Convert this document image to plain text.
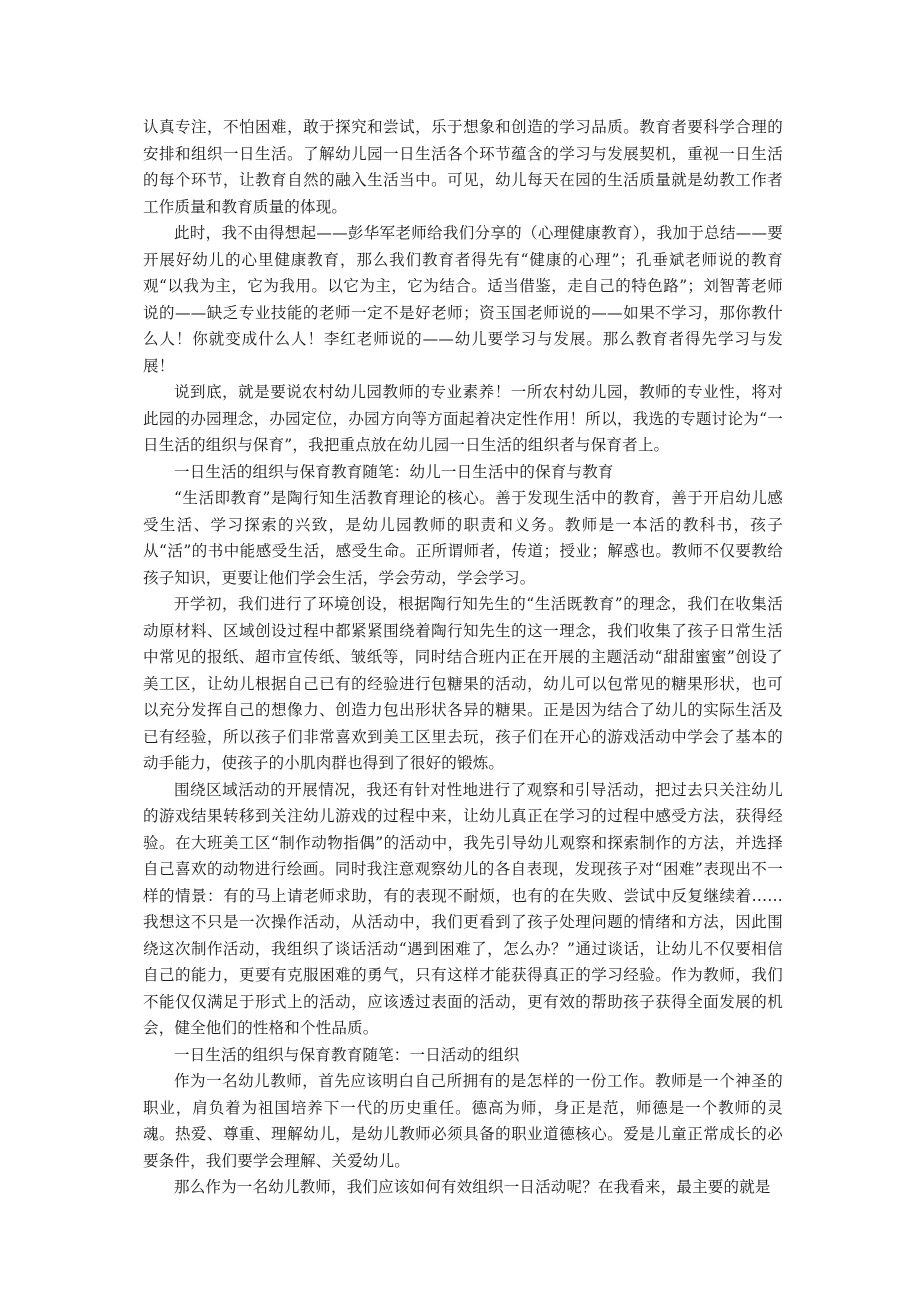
认真专注，不怕困难，敢于探究和尝试，乐于想象和创造的学习品质。教育者要科学合理的安排和组织一日生活。了解幼儿园一日生活各个环节蕴含的学习与发展契机，重视一日生活的每个环节，让教育自然的融入生活当中。可见，幼儿每天在园的生活质量就是幼教工作者工作质量和教育质量的体现。

此时，我不由得想起——彭华军老师给我们分享的（心理健康教育），我加于总结——要开展好幼儿的心里健康教育，那么我们教育者得先有“健康的心理”；孔垂斌老师说的教育观“以我为主，它为我用。以它为主，它为结合。适当借鉴，走自己的特色路”；刘智菁老师说的——缺乏专业技能的老师一定不是好老师；资玉国老师说的——如果不学习，那你教什么人！你就变成什么人！李红老师说的——幼儿要学习与发展。那么教育者得先学习与发展！

说到底，就是要说农村幼儿园教师的专业素养！一所农村幼儿园，教师的专业性，将对此园的办园理念，办园定位，办园方向等方面起着决定性作用！所以，我选的专题讨论为“一日生活的组织与保育”，我把重点放在幼儿园一日生活的组织者与保育者上。

一日生活的组织与保育教育随笔：幼儿一日生活中的保育与教育

“生活即教育”是陶行知生活教育理论的核心。善于发现生活中的教育，善于开启幼儿感受生活、学习探索的兴致，是幼儿园教师的职责和义务。教师是一本活的教科书，孩子从“活”的书中能感受生活，感受生命。正所谓师者，传道；授业；解惑也。教师不仅要教给孩子知识，更要让他们学会生活，学会劳动，学会学习。

开学初，我们进行了环境创设，根据陶行知先生的“生活既教育”的理念，我们在收集活动原材料、区域创设过程中都紧紧围绕着陶行知先生的这一理念，我们收集了孩子日常生活中常见的报纸、超市宣传纸、皱纸等，同时结合班内正在开展的主题活动“甜甜蜜蜜”创设了美工区，让幼儿根据自己已有的经验进行包糖果的活动，幼儿可以包常见的糖果形状，也可以充分发挥自己的想像力、创造力包出形状各异的糖果。正是因为结合了幼儿的实际生活及已有经验，所以孩子们非常喜欢到美工区里去玩，孩子们在开心的游戏活动中学会了基本的动手能力，使孩子的小肌肉群也得到了很好的锻炼。

围绕区域活动的开展情况，我还有针对性地进行了观察和引导活动，把过去只关注幼儿的游戏结果转移到关注幼儿游戏的过程中来，让幼儿真正在学习的过程中感受方法，获得经验。在大班美工区“制作动物指偶”的活动中，我先引导幼儿观察和探索制作的方法，并选择自己喜欢的动物进行绘画。同时我注意观察幼儿的各自表现，发现孩子对“困难”表现出不一样的情景：有的马上请老师求助，有的表现不耐烦，也有的在失败、尝试中反复继续着……我想这不只是一次操作活动，从活动中，我们更看到了孩子处理问题的情绪和方法，因此围绕这次制作活动，我组织了谈话活动“遇到困难了，怎么办？”通过谈话，让幼儿不仅要相信自己的能力，更要有克服困难的勇气，只有这样才能获得真正的学习经验。作为教师，我们不能仅仅满足于形式上的活动，应该透过表面的活动，更有效的帮助孩子获得全面发展的机会，健全他们的性格和个性品质。

一日生活的组织与保育教育随笔：一日活动的组织

作为一名幼儿教师，首先应该明白自己所拥有的是怎样的一份工作。教师是一个神圣的职业，肩负着为祖国培养下一代的历史重任。德高为师，身正是范，师德是一个教师的灵魂。热爱、尊重、理解幼儿，是幼儿教师必须具备的职业道德核心。爱是儿童正常成长的必要条件，我们要学会理解、关爱幼儿。

那么作为一名幼儿教师，我们应该如何有效组织一日活动呢？在我看来，最主要的就是
